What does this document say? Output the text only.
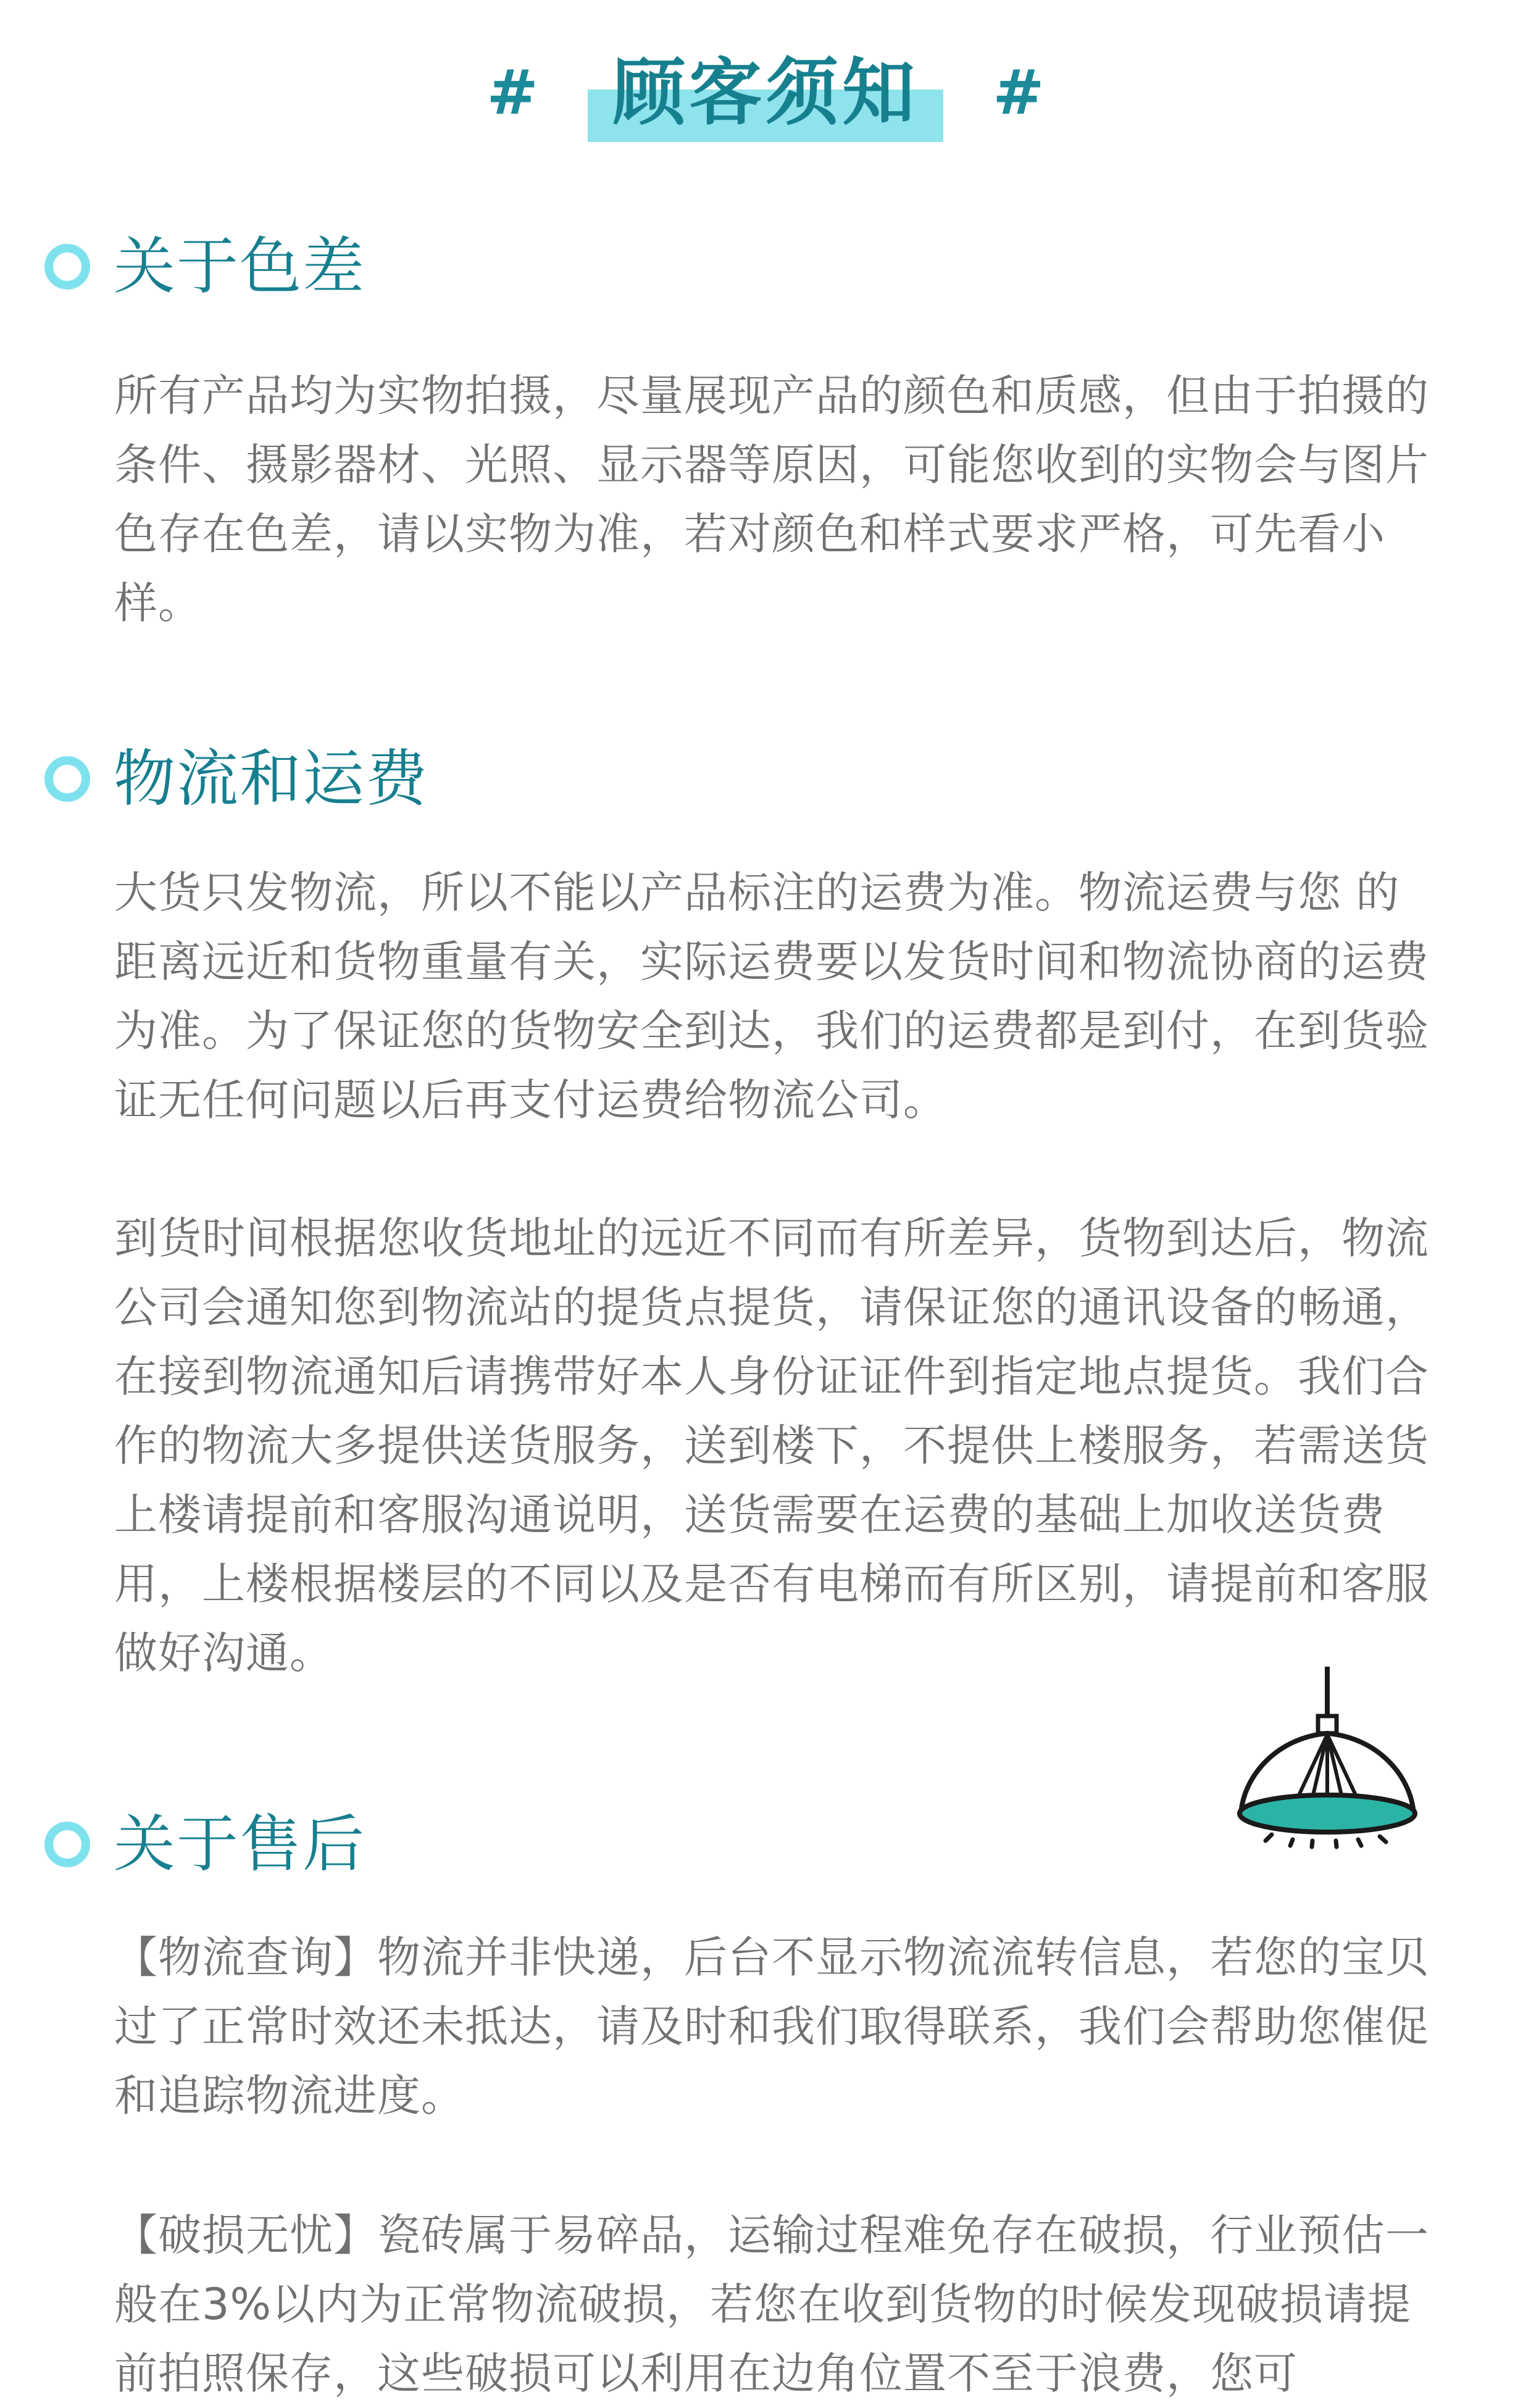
# 顾客须知 #
关于色差

所有产品均为实物拍摄，尽量展现产品的颜色和质感，但由于拍摄的条件、摄影器材、光照、显示器等原因，可能您收到的实物会与图片色存在色差，请以实物为准，若对颜色和样式要求严格，可先看小样。

物流和运费

大货只发物流，所以不能以产品标注的运费为准。物流运费与您 的距离远近和货物重量有关，实际运费要以发货时间和物流协商的运费为准。为了保证您的货物安全到达，我们的运费都是到付，在到货验证无任何问题以后再支付运费给物流公司。

到货时间根据您收货地址的远近不同而有所差异，货物到达后，物流公司会通知您到物流站的提货点提货，请保证您的通讯设备的畅通，在接到物流通知后请携带好本人身份证证件到指定地点提货。我们合作的物流大多提供送货服务，送到楼下，不提供上楼服务，若需送货上楼请提前和客服沟通说明，送货需要在运费的基础上加收送货费用，上楼根据楼层的不同以及是否有电梯而有所区别，请提前和客服做好沟通。

关于售后

【物流查询】物流并非快递，后台不显示物流流转信息，若您的宝贝过了正常时效还未抵达，请及时和我们取得联系，我们会帮助您催促和追踪物流进度。

【破损无忧】瓷砖属于易碎品，运输过程难免存在破损，行业预估一般在3%以内为正常物流破损，若您在收到货物的时候发现破损请提前拍照保存，这些破损可以利用在边角位置不至于浪费，您可
